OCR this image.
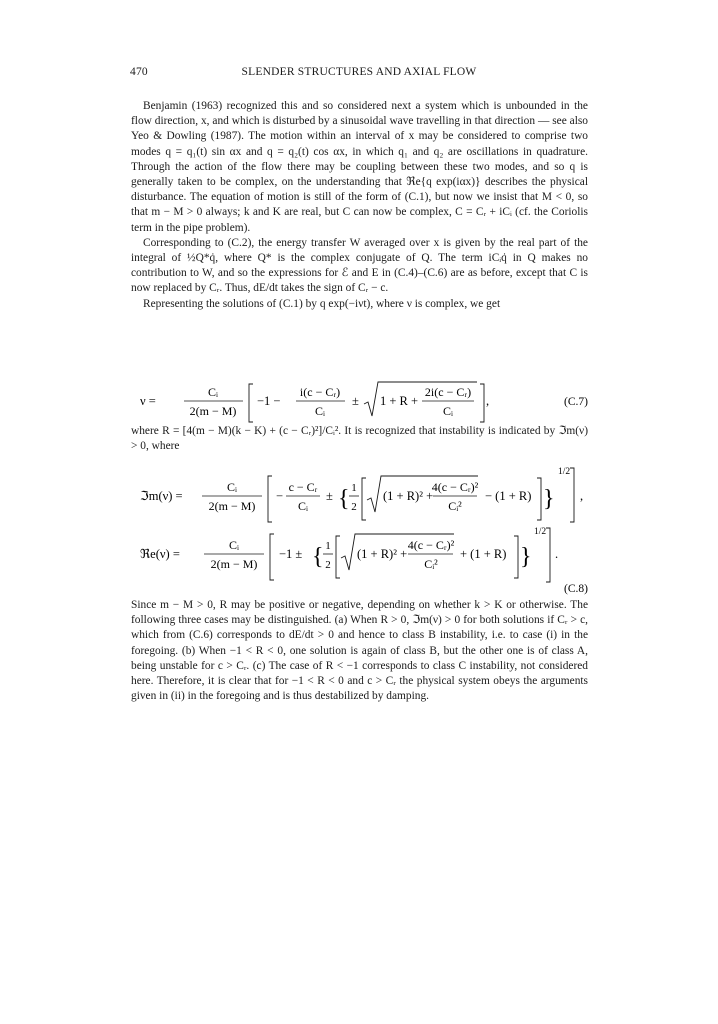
470	SLENDER STRUCTURES AND AXIAL FLOW

Benjamin (1963) recognized this and so considered next a system which is unbounded in the flow direction, x, and which is disturbed by a sinusoidal wave travelling in that direction — see also Yeo & Dowling (1987). The motion within an interval of x may be considered to comprise two modes q = q₁(t) sin αx and q = q₂(t) cos αx, in which q₁ and q₂ are oscillations in quadrature. Through the action of the flow there may be coupling between these two modes, and so q is generally taken to be complex, on the understanding that ℜe{q exp(iαx)} describes the physical disturbance. The equation of motion is still of the form of (C.1), but now we insist that M < 0, so that m − M > 0 always; k and K are real, but C can now be complex, C = Cᵣ + iCᵢ (cf. the Coriolis term in the pipe problem).

Corresponding to (C.2), the energy transfer W averaged over x is given by the real part of the integral of ½Q*q̇, where Q* is the complex conjugate of Q. The term iCᵢq̇ in Q makes no contribution to W, and so the expressions for ℰ and E in (C.4)–(C.6) are as before, except that C is now replaced by Cᵣ. Thus, dE/dt takes the sign of Cᵣ − c.

Representing the solutions of (C.1) by q exp(−iνt), where ν is complex, we get

ν =
Cᵢ
2(m − M)
−1 −
i(c − Cᵣ)
Cᵢ
± 1 + R +
2i(c − Cᵣ)
Cᵢ
,	(C.7)

where R = [4(m − M)(k − K) + (c − Cᵣ)²]/Cᵢ². It is recognized that instability is indicated by ℑm(ν) > 0, where

ℑm(ν) =
Cᵢ
2(m − M)
−
c − Cᵣ
Cᵢ
± { 1
2
(1 + R)² +
4(c − Cᵣ)²
Cᵢ²
− (1 + R) }
1/2
,
ℜe(ν) =
Cᵢ
2(m − M)
−1 ± { 1
2
(1 + R)² +
4(c − Cᵣ)²
Cᵢ²
+ (1 + R) }
1/2
.
(C.8)

Since m − M > 0, R may be positive or negative, depending on whether k > K or otherwise. The following three cases may be distinguished. (a) When R > 0, ℑm(ν) > 0 for both solutions if Cᵣ > c, which from (C.6) corresponds to dE/dt > 0 and hence to class B instability, i.e. to case (i) in the foregoing. (b) When −1 < R < 0, one solution is again of class B, but the other one is of class A, being unstable for c > Cᵣ. (c) The case of R < −1 corresponds to class C instability, not considered here. Therefore, it is clear that for −1 < R < 0 and c > Cᵣ the physical system obeys the arguments given in (ii) in the foregoing and is thus destabilized by damping.
